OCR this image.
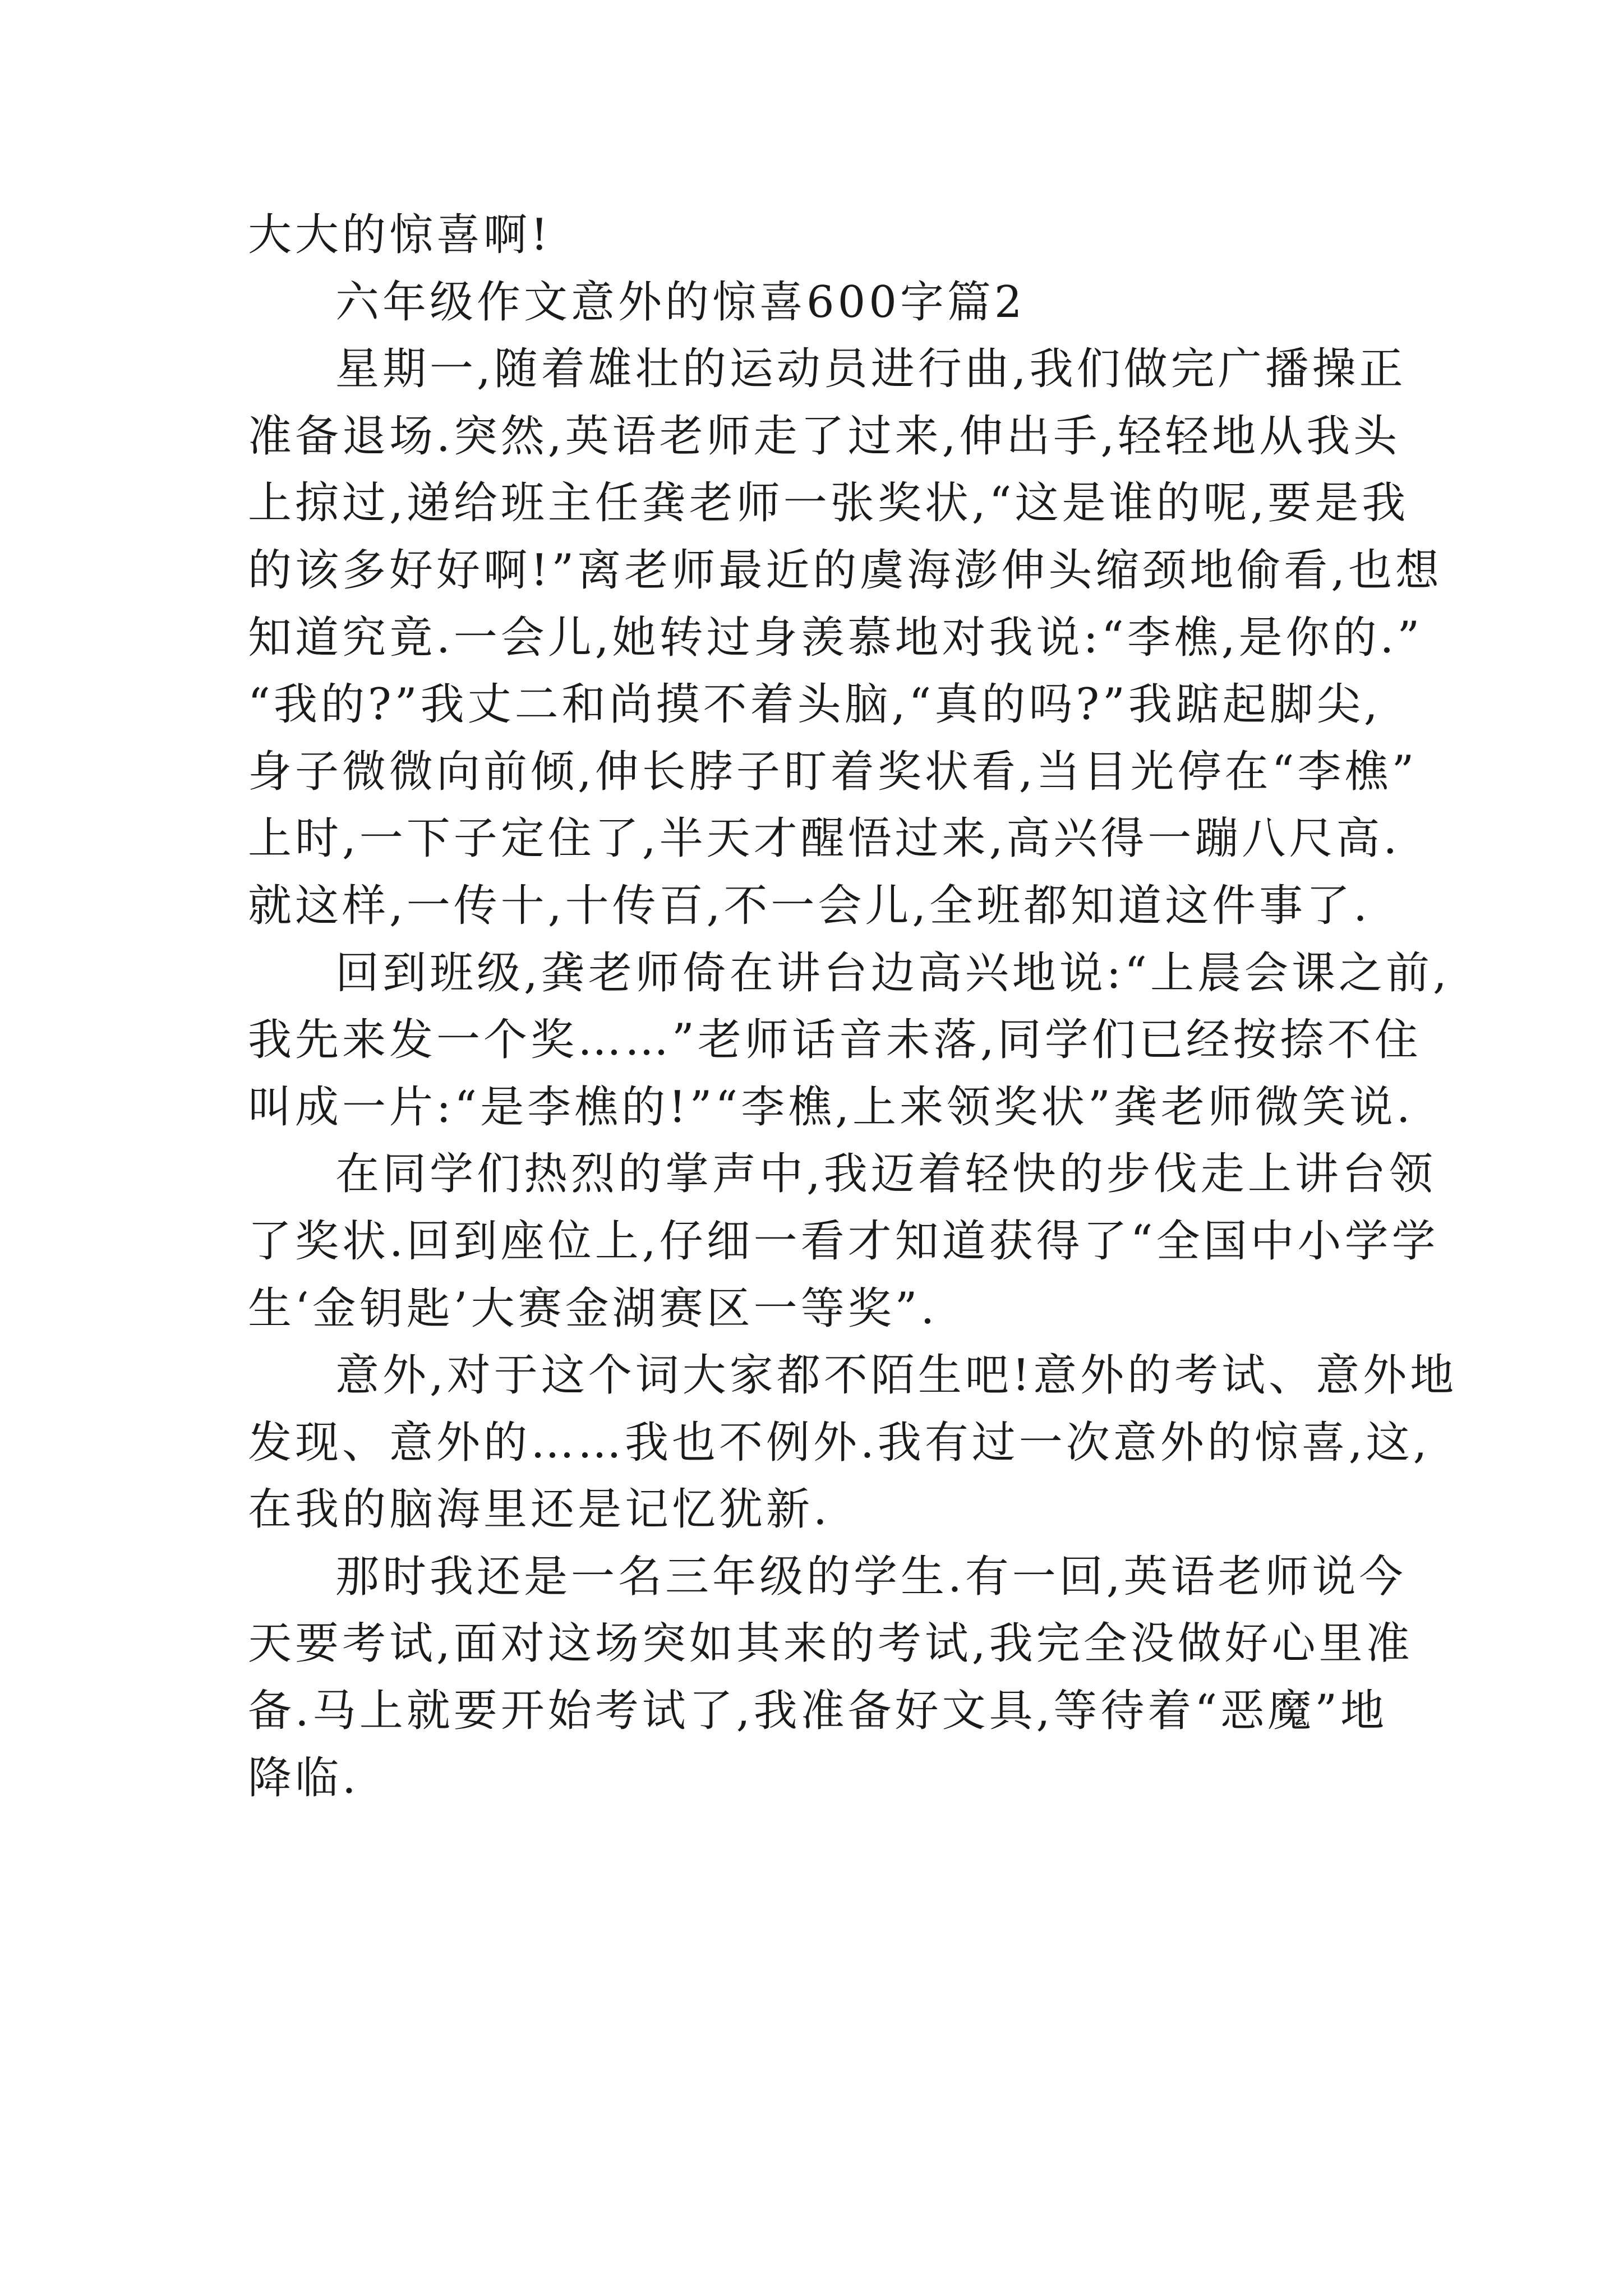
大大的惊喜啊!
六年级作文意外的惊喜600字篇2
星期一,随着雄壮的运动员进行曲,我们做完广播操正
准备退场.突然,英语老师走了过来,伸出手,轻轻地从我头
上掠过,递给班主任龚老师一张奖状,“这是谁的呢,要是我
的该多好好啊!”离老师最近的虞海澎伸头缩颈地偷看,也想
知道究竟.一会儿,她转过身羡慕地对我说:“李樵,是你的.”
“我的?”我丈二和尚摸不着头脑,“真的吗?”我踮起脚尖,
身子微微向前倾,伸长脖子盯着奖状看,当目光停在“李樵”
上时,一下子定住了,半天才醒悟过来,高兴得一蹦八尺高.
就这样,一传十,十传百,不一会儿,全班都知道这件事了.
回到班级,龚老师倚在讲台边高兴地说:“上晨会课之前,
我先来发一个奖……”老师话音未落,同学们已经按捺不住
叫成一片:“是李樵的!”“李樵,上来领奖状”龚老师微笑说.
在同学们热烈的掌声中,我迈着轻快的步伐走上讲台领
了奖状.回到座位上,仔细一看才知道获得了“全国中小学学
生‘金钥匙’大赛金湖赛区一等奖”.
意外,对于这个词大家都不陌生吧!意外的考试、意外地
发现、意外的……我也不例外.我有过一次意外的惊喜,这,
在我的脑海里还是记忆犹新.
那时我还是一名三年级的学生.有一回,英语老师说今
天要考试,面对这场突如其来的考试,我完全没做好心里准
备.马上就要开始考试了,我准备好文具,等待着“恶魔”地
降临.
